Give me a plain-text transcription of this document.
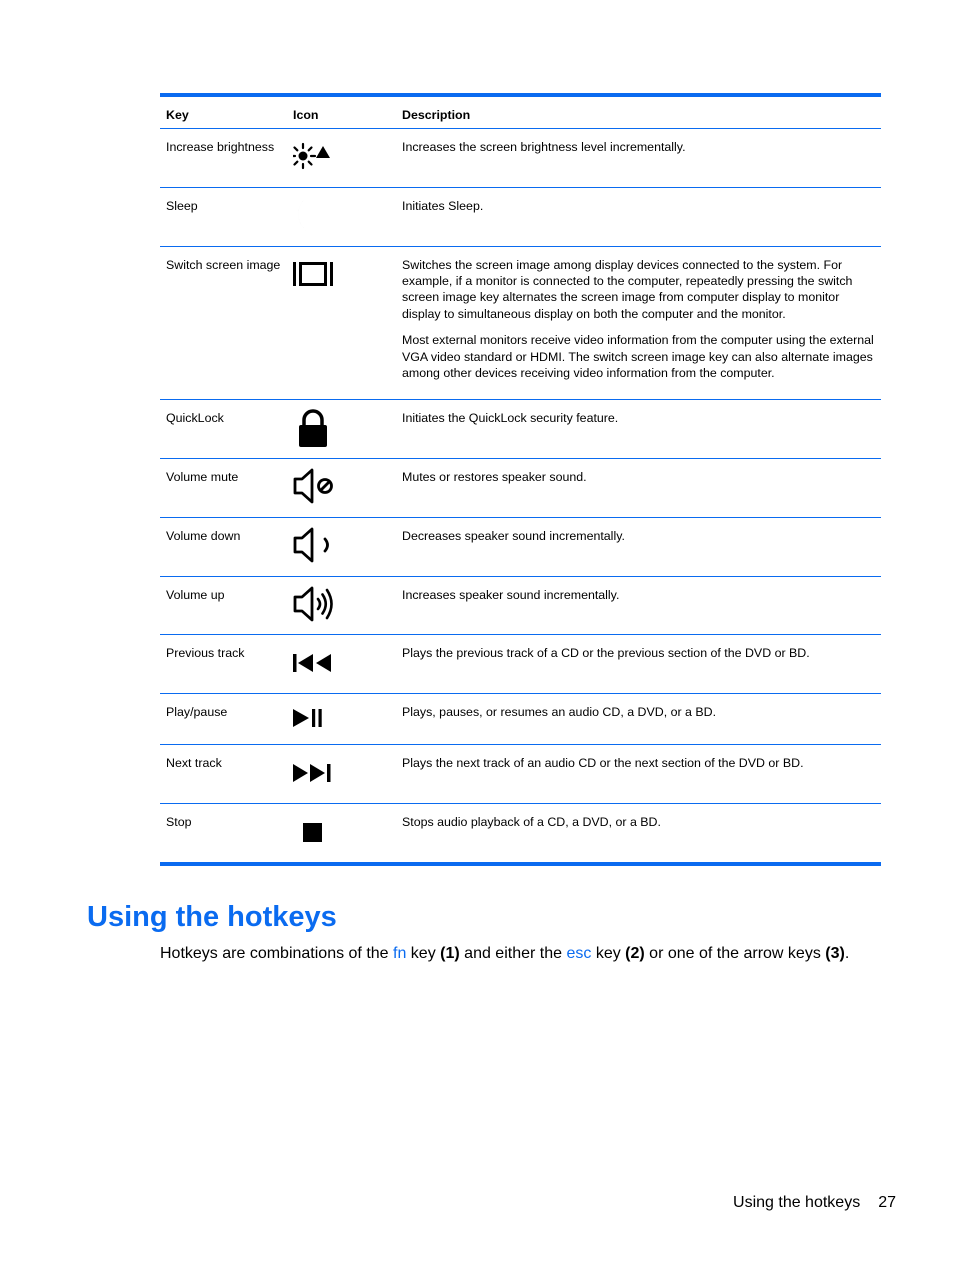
Key	Icon	Description
Increase brightness	Increases the screen brightness level incrementally.

Sleep	Initiates Sleep.

Switch screen image	Switches the screen image among display devices connected to the system. For example, if a monitor is connected to the computer, repeatedly pressing the switch screen image key alternates the screen image from computer display to monitor display to simultaneous display on both the computer and the monitor.

Most external monitors receive video information from the computer using the external VGA video standard or HDMI. The switch screen image key can also alternate images among other devices receiving video information from the computer.

QuickLock	Initiates the QuickLock security feature.

Volume mute	Mutes or restores speaker sound.

Volume down	Decreases speaker sound incrementally.

Volume up	Increases speaker sound incrementally.

Previous track	Plays the previous track of a CD or the previous section of the DVD or BD.

Play/pause	Plays, pauses, or resumes an audio CD, a DVD, or a BD.

Next track	Plays the next track of an audio CD or the next section of the DVD or BD.

Stop	Stops audio playback of a CD, a DVD, or a BD.

Using the hotkeys

Hotkeys are combinations of the fn key (1) and either the esc key (2) or one of the arrow keys (3).

Using the hotkeys 27
